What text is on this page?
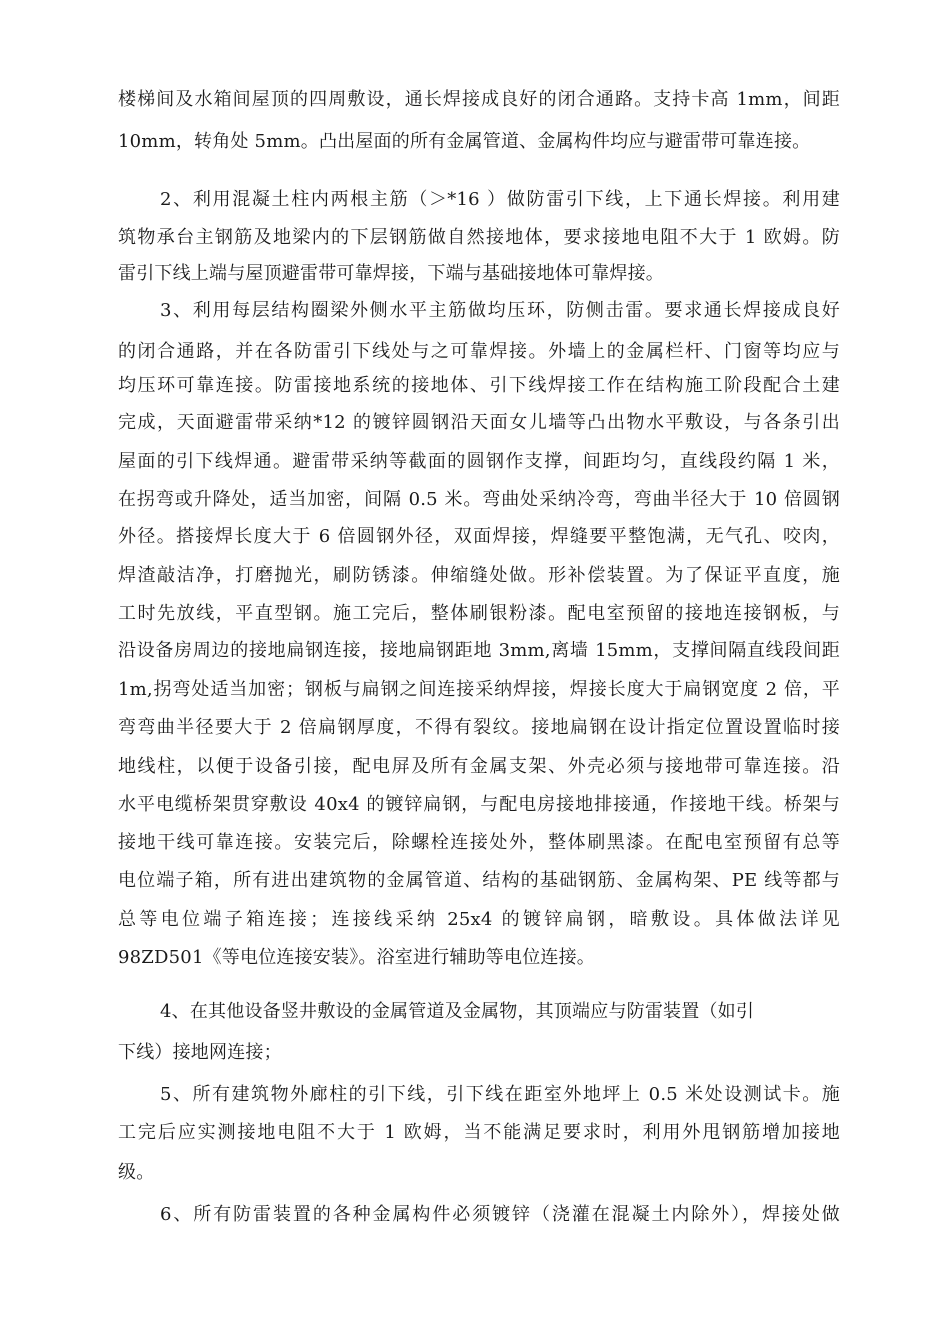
楼梯间及水箱间屋顶的四周敷设，通长焊接成良好的闭合通路。支持卡高 1mm，间距
10mm，转角处 5mm。凸出屋面的所有金属管道、金属构件均应与避雷带可靠连接。
2、利用混凝土柱内两根主筋（＞*16 ）做防雷引下线，上下通长焊接。利用建
筑物承台主钢筋及地梁内的下层钢筋做自然接地体，要求接地电阻不大于 1 欧姆。防
雷引下线上端与屋顶避雷带可靠焊接，下端与基础接地体可靠焊接。
3、利用每层结构圈梁外侧水平主筋做均压环，防侧击雷。要求通长焊接成良好
的闭合通路，并在各防雷引下线处与之可靠焊接。外墙上的金属栏杆、门窗等均应与
均压环可靠连接。防雷接地系统的接地体、引下线焊接工作在结构施工阶段配合土建
完成，天面避雷带采纳*12 的镀锌圆钢沿天面女儿墙等凸出物水平敷设，与各条引出
屋面的引下线焊通。避雷带采纳等截面的圆钢作支撑，间距均匀，直线段约隔 1 米，
在拐弯或升降处，适当加密，间隔 0.5 米。弯曲处采纳冷弯，弯曲半径大于 10 倍圆钢
外径。搭接焊长度大于 6 倍圆钢外径，双面焊接，焊缝要平整饱满，无气孔、咬肉，
焊渣敲洁净，打磨抛光，刷防锈漆。伸缩缝处做。形补偿装置。为了保证平直度，施
工时先放线，平直型钢。施工完后，整体刷银粉漆。配电室预留的接地连接钢板，与
沿设备房周边的接地扁钢连接，接地扁钢距地 3mm,离墙 15mm，支撑间隔直线段间距
1m,拐弯处适当加密；钢板与扁钢之间连接采纳焊接，焊接长度大于扁钢宽度 2 倍，平
弯弯曲半径要大于 2 倍扁钢厚度，不得有裂纹。接地扁钢在设计指定位置设置临时接
地线柱，以便于设备引接，配电屏及所有金属支架、外壳必须与接地带可靠连接。沿
水平电缆桥架贯穿敷设 40x4 的镀锌扁钢，与配电房接地排接通，作接地干线。桥架与
接地干线可靠连接。安装完后，除螺栓连接处外，整体刷黑漆。在配电室预留有总等
电位端子箱，所有进出建筑物的金属管道、结构的基础钢筋、金属构架、PE 线等都与
总等电位端子箱连接；连接线采纳 25x4 的镀锌扁钢，暗敷设。具体做法详见
98ZD501《等电位连接安装》。浴室进行辅助等电位连接。
4、在其他设备竖井敷设的金属管道及金属物，其顶端应与防雷装置（如引
下线）接地网连接；
5、所有建筑物外廊柱的引下线，引下线在距室外地坪上 0.5 米处设测试卡。施
工完后应实测接地电阻不大于 1 欧姆，当不能满足要求时，利用外甩钢筋增加接地
级。
6、所有防雷装置的各种金属构件必须镀锌（浇灌在混凝土内除外），焊接处做
